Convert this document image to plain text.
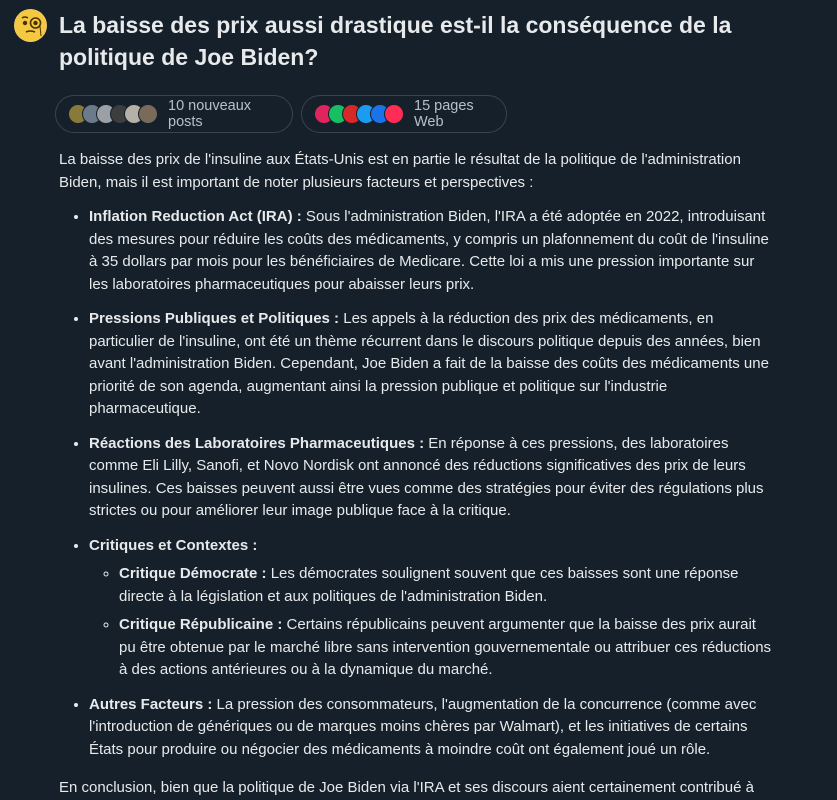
La baisse des prix aussi drastique est-il la conséquence de la politique de Joe Biden?
10 nouveaux posts
15 pages Web

La baisse des prix de l'insuline aux États-Unis est en partie le résultat de la politique de l'administration Biden, mais il est important de noter plusieurs facteurs et perspectives :

• Inflation Reduction Act (IRA) : Sous l'administration Biden, l'IRA a été adoptée en 2022, introduisant des mesures pour réduire les coûts des médicaments, y compris un plafonnement du coût de l'insuline à 35 dollars par mois pour les bénéficiaires de Medicare. Cette loi a mis une pression importante sur les laboratoires pharmaceutiques pour abaisser leurs prix.
• Pressions Publiques et Politiques : Les appels à la réduction des prix des médicaments, en particulier de l'insuline, ont été un thème récurrent dans le discours politique depuis des années, bien avant l'administration Biden. Cependant, Joe Biden a fait de la baisse des coûts des médicaments une priorité de son agenda, augmentant ainsi la pression publique et politique sur l'industrie pharmaceutique.
• Réactions des Laboratoires Pharmaceutiques : En réponse à ces pressions, des laboratoires comme Eli Lilly, Sanofi, et Novo Nordisk ont annoncé des réductions significatives des prix de leurs insulines. Ces baisses peuvent aussi être vues comme des stratégies pour éviter des régulations plus strictes ou pour améliorer leur image publique face à la critique.
• Critiques et Contextes :
◦ Critique Démocrate : Les démocrates soulignent souvent que ces baisses sont une réponse directe à la législation et aux politiques de l'administration Biden.
◦ Critique Républicaine : Certains républicains peuvent argumenter que la baisse des prix aurait pu être obtenue par le marché libre sans intervention gouvernementale ou attribuer ces réductions à des actions antérieures ou à la dynamique du marché.
• Autres Facteurs : La pression des consommateurs, l'augmentation de la concurrence (comme avec l'introduction de génériques ou de marques moins chères par Walmart), et les initiatives de certains États pour produire ou négocier des médicaments à moindre coût ont également joué un rôle.

En conclusion, bien que la politique de Joe Biden via l'IRA et ses discours aient certainement contribué à
